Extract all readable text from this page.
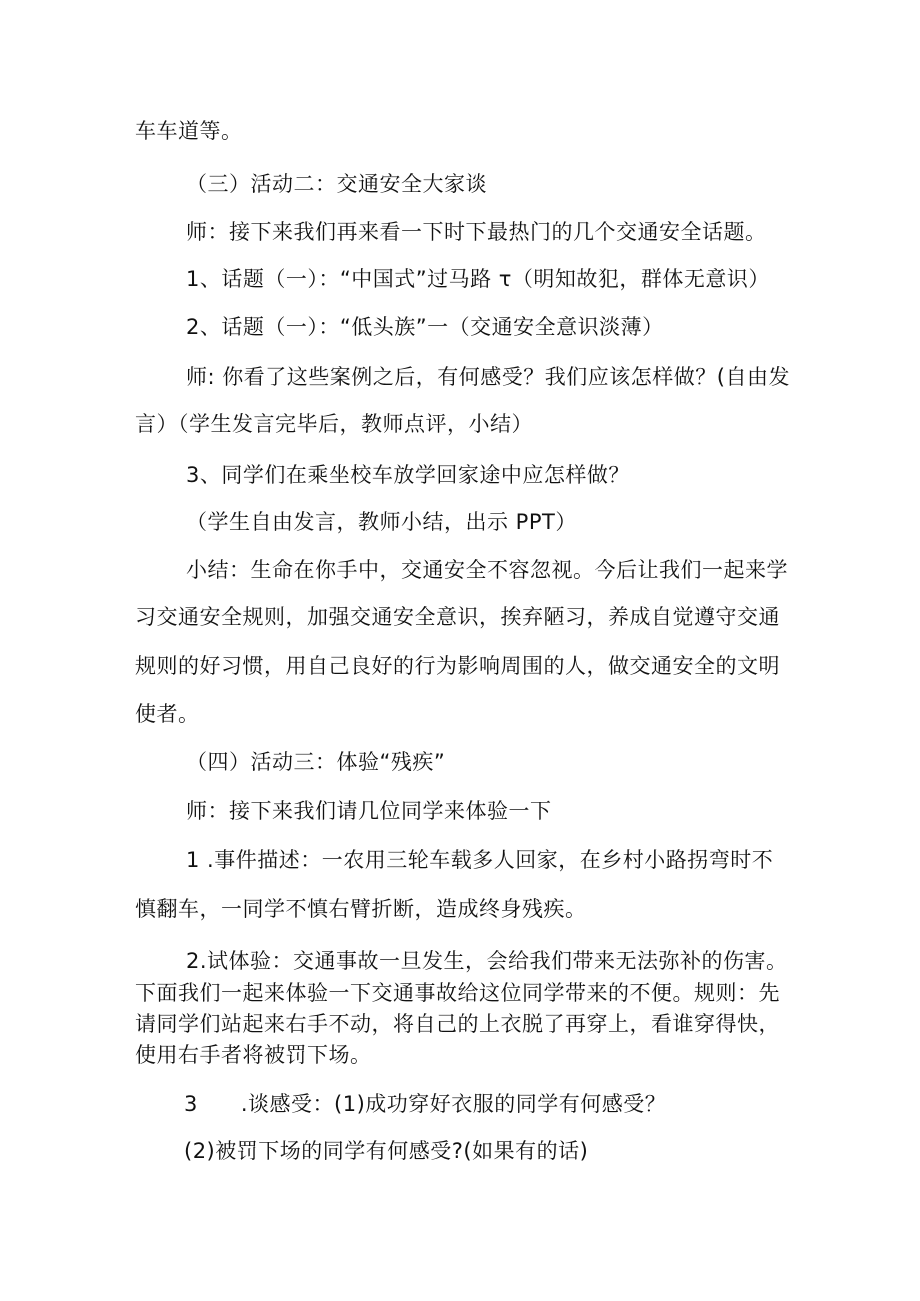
车车道等。
（三）活动二：交通安全大家谈
师：接下来我们再来看一下时下最热门的几个交通安全话题。
1、话题（一）：“中国式”过马路 τ（明知故犯，群体无意识）
2、话题（一）：“低头族”一（交通安全意识淡薄）
师: 你看了这些案例之后，有何感受？我们应该怎样做？(自由发
言）（学生发言完毕后，教师点评，小结）
3、同学们在乘坐校车放学回家途中应怎样做？
（学生自由发言，教师小结，出示 PPT）
小结：生命在你手中，交通安全不容忽视。今后让我们一起来学
习交通安全规则，加强交通安全意识，挨弃陋习，养成自觉遵守交通
规则的好习惯，用自己良好的行为影响周围的人，做交通安全的文明
使者。
（四）活动三：体验“残疾”
师：接下来我们请几位同学来体验一下
1 .事件描述：一农用三轮车载多人回家，在乡村小路拐弯时不
慎翻车，一同学不慎右臂折断，造成终身残疾。
2.试体验：交通事故一旦发生，会给我们带来无法弥补的伤害。
下面我们一起来体验一下交通事故给这位同学带来的不便。规则：先
请同学们站起来右手不动，将自己的上衣脱了再穿上，看谁穿得快，
使用右手者将被罚下场。
3　　.谈感受：(1)成功穿好衣服的同学有何感受？
(2)被罚下场的同学有何感受?(如果有的话)
